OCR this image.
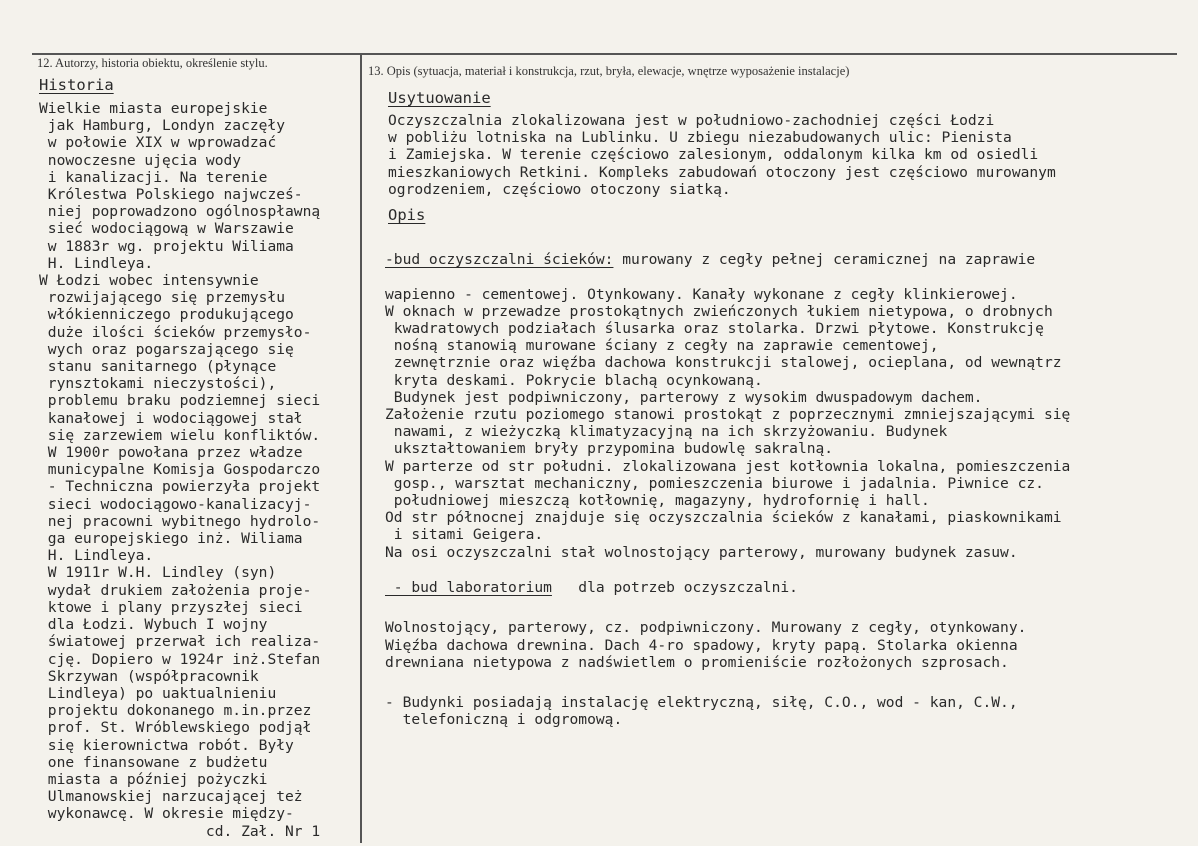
12. Autorzy, historia obiektu, określenie stylu.
13. Opis (sytuacja, materiał i konstrukcja, rzut, bryła, elewacje, wnętrze wyposażenie instalacje)
Historia
Wielkie miasta europejskie
jak Hamburg, Londyn zaczęły
w połowie XIX w wprowadzać
nowoczesne ujęcia wody
i kanalizacji. Na terenie
Królestwa Polskiego najwcześ-
niej poprowadzono ogólnospławną
sieć wodociągową w Warszawie
w 1883r wg. projektu Wiliama
H. Lindleya.
W Łodzi wobec intensywnie
rozwijającego się przemysłu
włókienniczego produkującego
duże ilości ścieków przemysło-
wych oraz pogarszającego się
stanu sanitarnego (płynące
rynsztokami nieczystości),
problemu braku podziemnej sieci
kanałowej i wodociągowej stał
się zarzewiem wielu konfliktów.
W 1900r powołana przez władze
municypalne Komisja Gospodarczo
- Techniczna powierzyła projekt
sieci wodociągowo-kanalizacyj-
nej pracowni wybitnego hydrolo-
ga europejskiego inż. Wiliama
H. Lindleya.
W 1911r W.H. Lindley (syn)
wydał drukiem założenia proje-
ktowe i plany przyszłej sieci
dla Łodzi. Wybuch I wojny
światowej przerwał ich realiza-
cję. Dopiero w 1924r inż.Stefan
Skrzywan (współpracownik
Lindleya) po uaktualnieniu
projektu dokonanego m.in.przez
prof. St. Wróblewskiego podjął
się kierownictwa robót. Były
one finansowane z budżetu
miasta a później pożyczki
Ulmanowskiej narzucającej też
wykonawcę. W okresie między-
cd. Zał. Nr 1
Usytuowanie
Oczyszczalnia zlokalizowana jest w południowo-zachodniej części Łodzi
w pobliżu lotniska na Lublinku. U zbiegu niezabudowanych ulic: Pienista
i Zamiejska. W terenie częściowo zalesionym, oddalonym kilka km od osiedli
mieszkaniowych Retkini. Kompleks zabudowań otoczony jest częściowo murowanym
ogrodzeniem, częściowo otoczony siatką.
Opis

-bud oczyszczalni ścieków: murowany z cegły pełnej ceramicznej na zaprawie

wapienno - cementowej. Otynkowany. Kanały wykonane z cegły klinkierowej.
W oknach w przewadze prostokątnych zwieńczonych łukiem nietypowa, o drobnych
kwadratowych podziałach ślusarka oraz stolarka. Drzwi płytowe. Konstrukcję
nośną stanowią murowane ściany z cegły na zaprawie cementowej,
zewnętrznie oraz więźba dachowa konstrukcji stalowej, ocieplana, od wewnątrz
kryta deskami. Pokrycie blachą ocynkowaną.
Budynek jest podpiwniczony, parterowy z wysokim dwuspadowym dachem.
Założenie rzutu poziomego stanowi prostokąt z poprzecznymi zmniejszającymi się
nawami, z wieżyczką klimatyzacyjną na ich skrzyżowaniu. Budynek
ukształtowaniem bryły przypomina budowlę sakralną.
W parterze od str południ. zlokalizowana jest kotłownia lokalna, pomieszczenia
gosp., warsztat mechaniczny, pomieszczenia biurowe i jadalnia. Piwnice cz.
południowej mieszczą kotłownię, magazyny, hydrofornię i hall.
Od str północnej znajduje się oczyszczalnia ścieków z kanałami, piaskownikami
i sitami Geigera.
Na osi oczyszczalni stał wolnostojący parterowy, murowany budynek zasuw.

- bud laboratorium   dla potrzeb oczyszczalni.

Wolnostojący, parterowy, cz. podpiwniczony. Murowany z cegły, otynkowany.
Więźba dachowa drewnina. Dach 4-ro spadowy, kryty papą. Stolarka okienna
drewniana nietypowa z nadświetlem o promieniście rozłożonych szprosach.

- Budynki posiadają instalację elektryczną, siłę, C.O., wod - kan, C.W.,
telefoniczną i odgromową.
